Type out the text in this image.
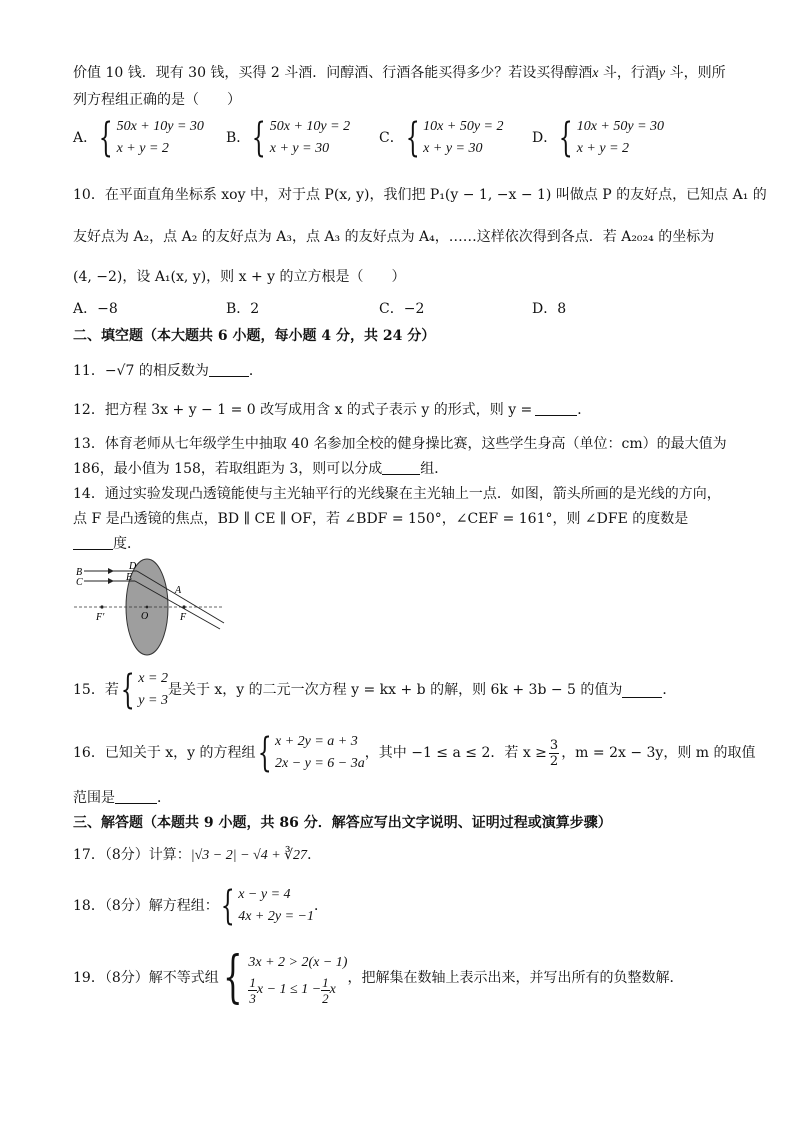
价值 10 钱．现有 30 钱，买得 2 斗酒．问醇酒、行酒各能买得多少？若设买得醇酒x 斗，行酒y 斗，则所
列方程组正确的是（　　）
A． { 50x + 10y = 30
x + y = 2
B． { 50x + 10y = 2
x + y = 30
C． { 10x + 50y = 2
x + y = 30
D． { 10x + 50y = 30
x + y = 2
10．在平面直角坐标系 xoy 中，对于点 P(x, y)，我们把 P₁(y − 1, −x − 1) 叫做点 P 的友好点，已知点 A₁ 的
友好点为 A₂，点 A₂ 的友好点为 A₃，点 A₃ 的友好点为 A₄，……这样依次得到各点．若 A₂₀₂₄ 的坐标为
(4, −2)，设 A₁(x, y)，则 x + y 的立方根是（　　）
A．−8	B．2	C．−2	D．8
二、填空题（本大题共 6 小题，每小题 4 分，共 24 分）
11．−√7 的相反数为	．
12．把方程 3x + y − 1 = 0 改写成用含 x 的式子表示 y 的形式，则 y =	．
13．体育老师从七年级学生中抽取 40 名参加全校的健身操比赛，这些学生身高（单位：cm）的最大值为
186，最小值为 158，若取组距为 3，则可以分成	组．
14．通过实验发现凸透镜能使与主光轴平行的光线聚在主光轴上一点．如图，箭头所画的是光线的方向，
点 F 是凸透镜的焦点，BD ∥ CE ∥ OF，若 ∠BDF = 150°，∠CEF = 161°，则 ∠DFE 的度数是
度．
B
C
D
E
A
O	F
F′
15．若 { x = 2
y = 3
是关于 x，y 的二元一次方程 y = kx + b 的解，则 6k + 3b − 5 的值为	．
16．已知关于 x，y 的方程组 { x + 2y = a + 3
2x − y = 6 − 3a
，其中 −1 ≤ a ≤ 2．若 $x \ge \frac{3}{2}$ ，m = 2x − 3y，则 m 的取值
范围是	．
三、解答题（本题共 9 小题，共 86 分．解答应写出文字说明、证明过程或演算步骤）
17．（8分）计算：|√3 − 2| − √4 + ∛27．
18．（8分）解方程组： { x − y = 4
4x + 2y = −1
．
19．（8分）解不等式组 { 3x + 2 > 2(x − 1)
$\frac{1}{3}$ $x - 1 \le 1 - \frac{1}{2}$ x
，把解集在数轴上表示出来，并写出所有的负整数解．
